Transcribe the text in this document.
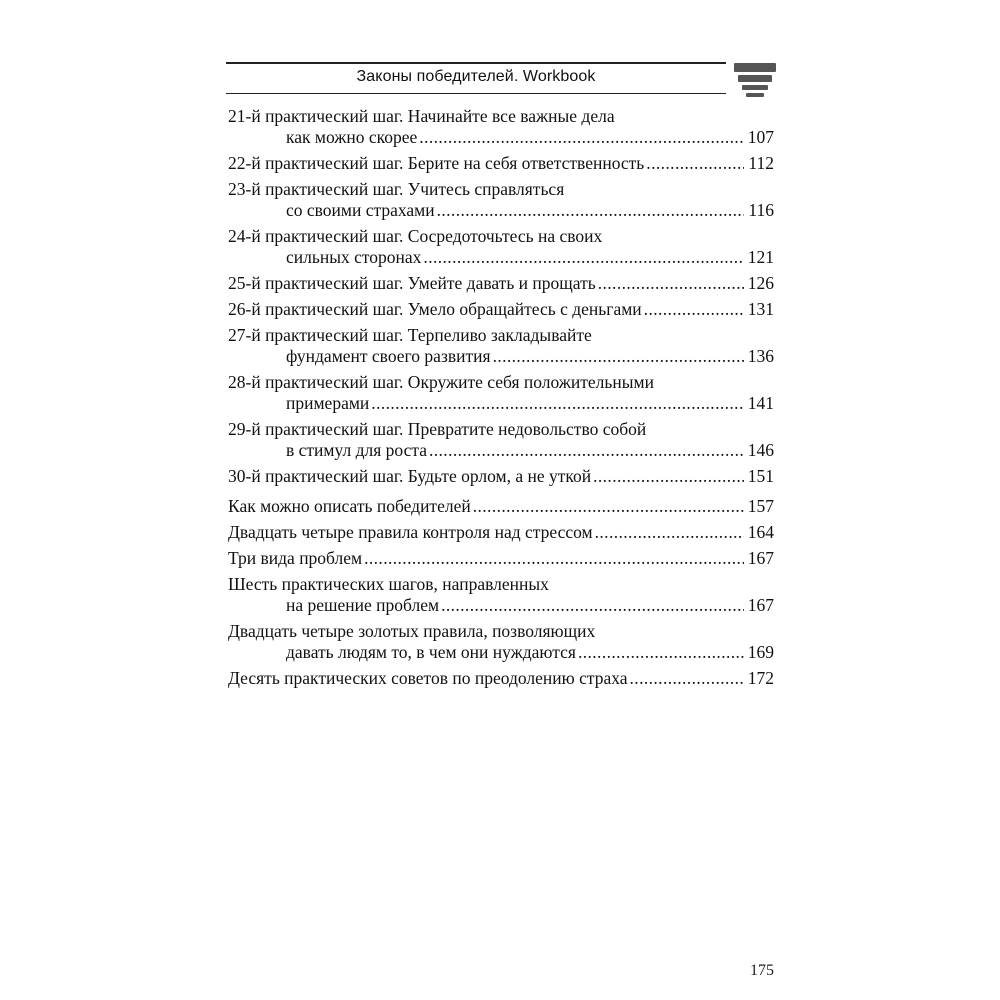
Законы победителей. Workbook
21-й практический шаг. Начинайте все важные дела
как можно скорее .....	107
22-й практический шаг. Берите на себя ответственность .....	112
23-й практический шаг. Учитесь справляться
со своими страхами .....	116
24-й практический шаг. Сосредоточьтесь на своих
сильных сторонах .....	121
25-й практический шаг. Умейте давать и прощать .....	126
26-й практический шаг. Умело обращайтесь с деньгами .....	131
27-й практический шаг. Терпеливо закладывайте
фундамент своего развития .....	136
28-й практический шаг. Окружите себя положительными
примерами .....	141
29-й практический шаг. Превратите недовольство собой
в стимул для роста .....	146
30-й практический шаг. Будьте орлом, а не уткой .....	151
Как можно описать победителей .....	157
Двадцать четыре правила контроля над стрессом .....	164
Три вида проблем .....	167
Шесть практических шагов, направленных
на решение проблем .....	167
Двадцать четыре золотых правила, позволяющих
давать людям то, в чем они нуждаются .....	169
Десять практических советов по преодолению страха .....	172
175
